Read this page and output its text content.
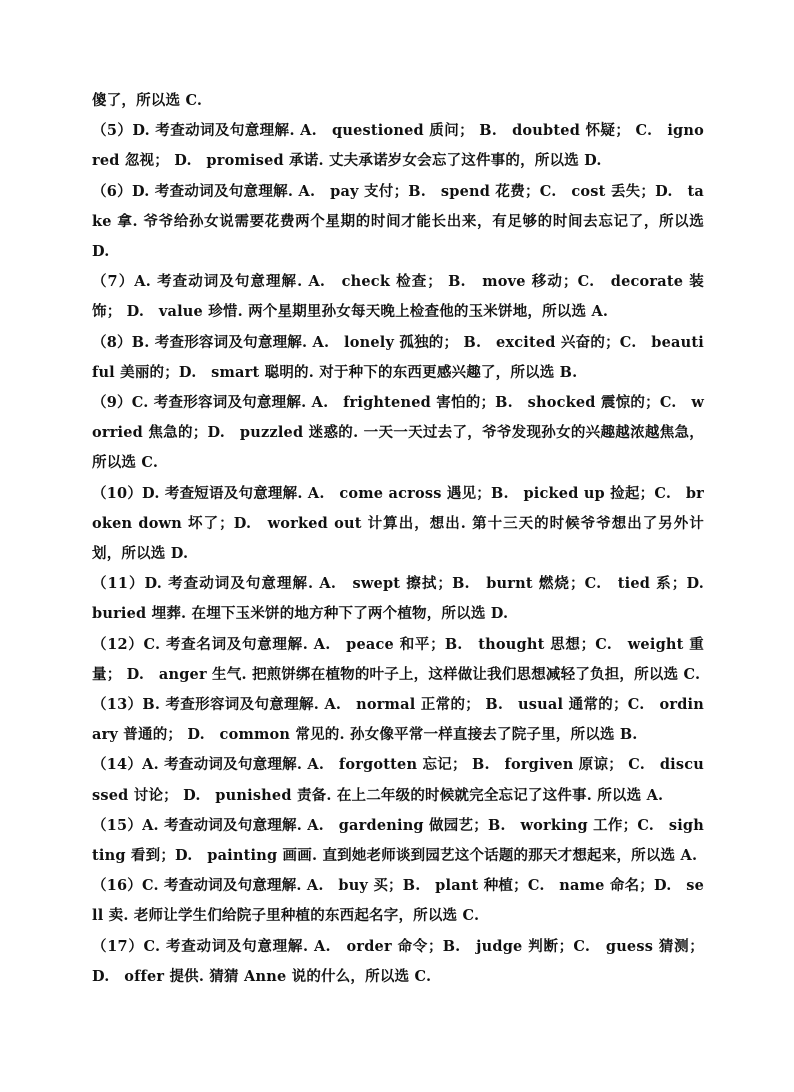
傻了，所以选 C.

（5）D. 考查动词及句意理解. A.　questioned 质问； B.　doubted 怀疑； C.　ignored 忽视； D.　promised 承诺. 丈夫承诺岁女会忘了这件事的，所以选 D.

（6）D. 考查动词及句意理解. A.　pay 支付；B.　spend 花费；C.　cost 丢失；D.　take 拿. 爷爷给孙女说需要花费两个星期的时间才能长出来，有足够的时间去忘记了，所以选 D.

（7）A. 考查动词及句意理解. A.　check 检查； B.　move 移动；C.　decorate 装饰； D.　value 珍惜. 两个星期里孙女每天晚上检查他的玉米饼地，所以选 A.

（8）B. 考查形容词及句意理解. A.　lonely 孤独的； B.　excited 兴奋的；C.　beautiful 美丽的；D.　smart 聪明的. 对于种下的东西更感兴趣了，所以选 B.

（9）C. 考查形容词及句意理解. A.　frightened 害怕的；B.　shocked 震惊的；C.　worried 焦急的；D.　puzzled 迷惑的. 一天一天过去了，爷爷发现孙女的兴趣越浓越焦急，所以选 C.

（10）D. 考查短语及句意理解. A.　come across 遇见；B.　picked up 捡起；C.　broken down 坏了；D.　worked out 计算出，想出. 第十三天的时候爷爷想出了另外计划，所以选 D.

（11）D. 考查动词及句意理解. A.　swept 擦拭；B.　burnt 燃烧；C.　tied 系；D.　buried 埋葬. 在埋下玉米饼的地方种下了两个植物，所以选 D.

（12）C. 考查名词及句意理解. A.　peace 和平；B.　thought 思想；C.　weight 重量； D.　anger 生气. 把煎饼绑在植物的叶子上，这样做让我们思想减轻了负担，所以选 C.

（13）B. 考查形容词及句意理解. A.　normal 正常的； B.　usual 通常的；C.　ordinary 普通的； D.　common 常见的. 孙女像平常一样直接去了院子里，所以选 B.

（14）A. 考查动词及句意理解. A.　forgotten 忘记； B.　forgiven 原谅； C.　discussed 讨论； D.　punished 责备. 在上二年级的时候就完全忘记了这件事. 所以选 A.

（15）A. 考查动词及句意理解. A.　gardening 做园艺；B.　working 工作；C.　sighting 看到；D.　painting 画画. 直到她老师谈到园艺这个话题的那天才想起来，所以选 A.

（16）C. 考查动词及句意理解. A.　buy 买；B.　plant 种植；C.　name 命名；D.　sell 卖. 老师让学生们给院子里种植的东西起名字，所以选 C.

（17）C. 考查动词及句意理解. A.　order 命令；B.　judge 判断；C.　guess 猜测；D.　offer 提供. 猜猜 Anne 说的什么，所以选 C.
